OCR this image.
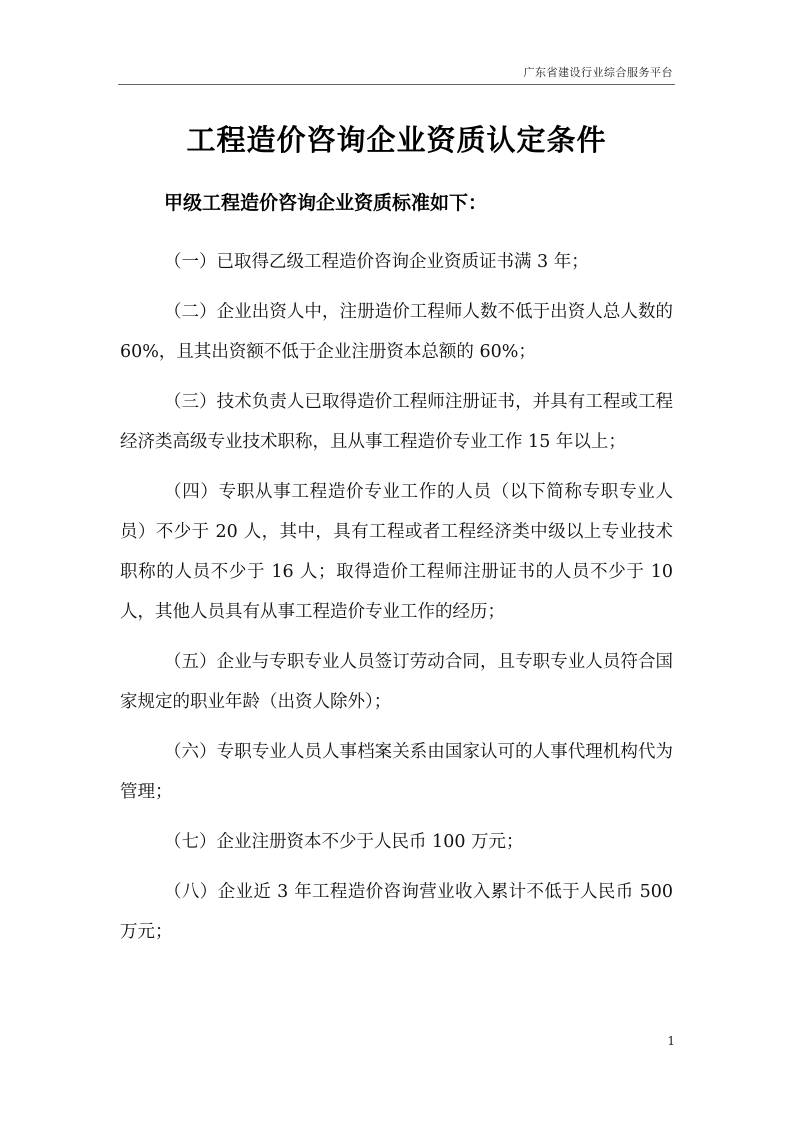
广东省建设行业综合服务平台
工程造价咨询企业资质认定条件
甲级工程造价咨询企业资质标准如下：

（一）已取得乙级工程造价咨询企业资质证书满 3 年；

（二）企业出资人中，注册造价工程师人数不低于出资人总人数的 60%，且其出资额不低于企业注册资本总额的 60%；

（三）技术负责人已取得造价工程师注册证书，并具有工程或工程经济类高级专业技术职称，且从事工程造价专业工作 15 年以上；

（四）专职从事工程造价专业工作的人员（以下简称专职专业人员）不少于 20 人，其中，具有工程或者工程经济类中级以上专业技术职称的人员不少于 16 人；取得造价工程师注册证书的人员不少于 10 人，其他人员具有从事工程造价专业工作的经历；

（五）企业与专职专业人员签订劳动合同，且专职专业人员符合国家规定的职业年龄（出资人除外）；

（六）专职专业人员人事档案关系由国家认可的人事代理机构代为管理；

（七）企业注册资本不少于人民币 100 万元；

（八）企业近 3 年工程造价咨询营业收入累计不低于人民币 500 万元；

1
